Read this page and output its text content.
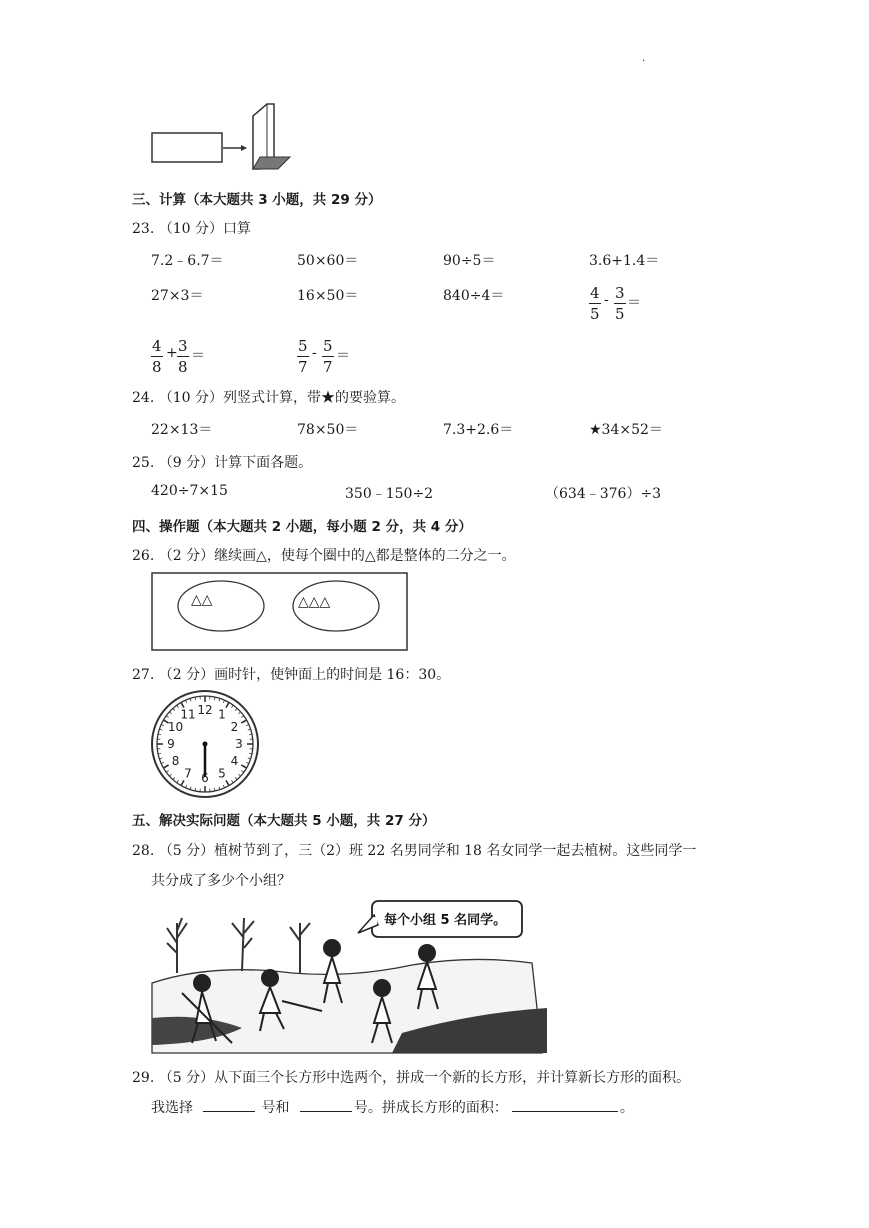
·
三、计算（本大题共 3 小题，共 29 分）
23. （10 分）口算
7.2﹣6.7＝	50×60＝	90÷5＝	3.6+1.4＝
27×3＝	16×50＝	840÷4＝	$\frac{4}{5} - \frac{3}{5}$ ＝
$\frac{4}{8} + \frac{3}{8}$ ＝	$\frac{5}{7} - \frac{5}{7}$ ＝
24. （10 分）列竖式计算，带★的要验算。
22×13＝	78×50＝	7.3+2.6＝	★34×52＝
25. （9 分）计算下面各题。
420÷7×15	350﹣150÷2	（634﹣376）÷3
四、操作题（本大题共 2 小题，每小题 2 分，共 4 分）
26. （2 分）继续画△，使每个圈中的△都是整体的二分之一。
△△	△△△
27. （2 分）画时针，使钟面上的时间是 16：30。
12 1
2
3
4
5
6
7
8
9
10
11
五、解决实际问题（本大题共 5 小题，共 27 分）
28. （5 分）植树节到了，三（2）班 22 名男同学和 18 名女同学一起去植树。这些同学一
共分成了多少个小组？
每个小组 5 名同学。
29. （5 分）从下面三个长方形中选两个，拼成一个新的长方形，并计算新长方形的面积。
我选择	号和	号。拼成长方形的面积：	。
